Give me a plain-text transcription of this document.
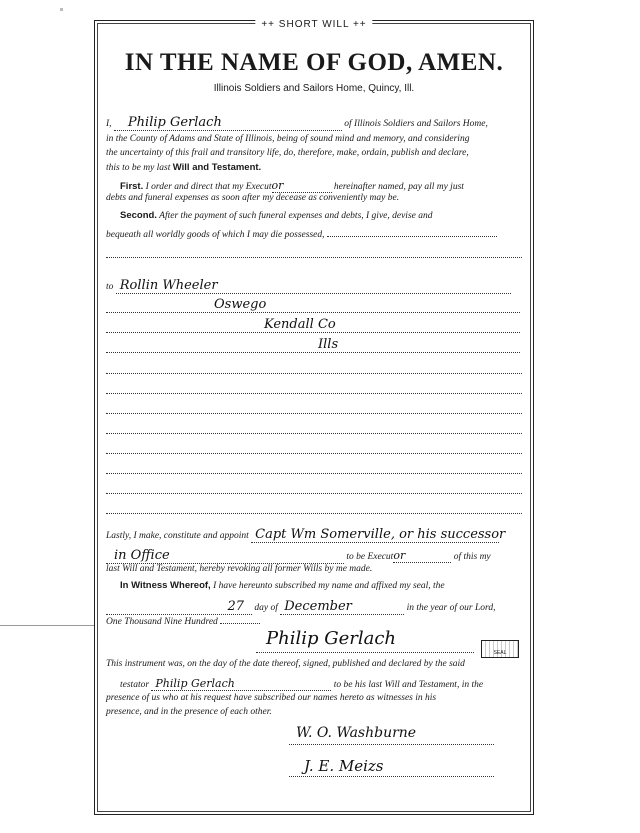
++ SHORT WILL ++
IN THE NAME OF GOD, AMEN.
Illinois Soldiers and Sailors Home, Quincy, Ill.
I, Philip Gerlach	of Illinois Soldiers and Sailors Home,
in the County of Adams and State of Illinois, being of sound mind and memory, and considering
the uncertainty of this frail and transitory life, do, therefore, make, ordain, publish and declare,
this to be my last Will and Testament.
First. I order and direct that my Executor	hereinafter named, pay all my just
debts and funeral expenses as soon after my decease as conveniently may be.
Second. After the payment of such funeral expenses and debts, I give, devise and
bequeath all worldly goods of which I may die possessed,
to Rollin Wheeler
Oswego
Kendall Co
Ills
Lastly, I make, constitute and appoint Capt Wm Somerville, or his successor
in Office	to be Executor	of this my
last Will and Testament, hereby revoking all former Wills by me made.
In Witness Whereof, I have hereunto subscribed my name and affixed my seal, the
27 day of December	in the year of our Lord,
One Thousand Nine Hundred
Philip Gerlach
SEAL
This instrument was, on the day of the date thereof, signed, published and declared by the said
testator Philip Gerlach	to be his last Will and Testament, in the
presence of us who at his request have subscribed our names hereto as witnesses in his
presence, and in the presence of each other.
W. O. Washburne
J. E. Meizs
